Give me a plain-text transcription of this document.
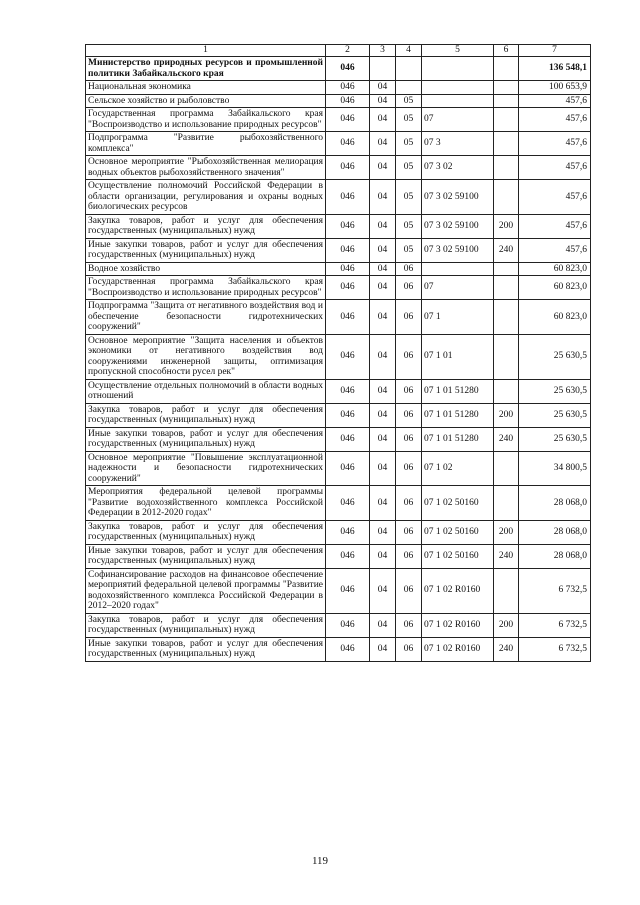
1	2	3	4	5	6	7
Министерство природных ресурсов и промышленной политики Забайкальского края	046					136 548,1
Национальная экономика	046	04				100 653,9
Сельское хозяйство и рыболовство	046	04	05			457,6
Государственная программа Забайкальского края "Воспроизводство и использование природных ресурсов"	046	04	05	07		457,6
Подпрограмма "Развитие рыбохозяйственного комплекса"	046	04	05	07 3		457,6
Основное мероприятие "Рыбохозяйственная мелиорация водных объектов рыбохозяйственного значения"	046	04	05	07 3 02		457,6
Осуществление полномочий Российской Федерации в области организации, регулирования и охраны водных биологических ресурсов	046	04	05	07 3 02 59100		457,6
Закупка товаров, работ и услуг для обеспечения государственных (муниципальных) нужд	046	04	05	07 3 02 59100	200	457,6
Иные закупки товаров, работ и услуг для обеспечения государственных (муниципальных) нужд	046	04	05	07 3 02 59100	240	457,6
Водное хозяйство	046	04	06			60 823,0
Государственная программа Забайкальского края "Воспроизводство и использование природных ресурсов"	046	04	06	07		60 823,0
Подпрограмма "Защита от негативного воздействия вод и обеспечение безопасности гидротехнических сооружений"	046	04	06	07 1		60 823,0
Основное мероприятие "Защита населения и объектов экономики от негативного воздействия вод сооружениями инженерной защиты, оптимизация пропускной способности русел рек"	046	04	06	07 1 01		25 630,5
Осуществление отдельных полномочий в области водных отношений	046	04	06	07 1 01 51280		25 630,5
Закупка товаров, работ и услуг для обеспечения государственных (муниципальных) нужд	046	04	06	07 1 01 51280	200	25 630,5
Иные закупки товаров, работ и услуг для обеспечения государственных (муниципальных) нужд	046	04	06	07 1 01 51280	240	25 630,5
Основное мероприятие "Повышение эксплуатационной надежности и безопасности гидротехнических сооружений"	046	04	06	07 1 02		34 800,5
Мероприятия федеральной целевой программы "Развитие водохозяйственного комплекса Российской Федерации в 2012-2020 годах"	046	04	06	07 1 02 50160		28 068,0
Закупка товаров, работ и услуг для обеспечения государственных (муниципальных) нужд	046	04	06	07 1 02 50160	200	28 068,0
Иные закупки товаров, работ и услуг для обеспечения государственных (муниципальных) нужд	046	04	06	07 1 02 50160	240	28 068,0
Софинансирование расходов на финансовое обеспечение мероприятий федеральной целевой программы "Развитие водохозяйственного комплекса Российской Федерации в 2012–2020 годах"	046	04	06	07 1 02 R0160		6 732,5
Закупка товаров, работ и услуг для обеспечения государственных (муниципальных) нужд	046	04	06	07 1 02 R0160	200	6 732,5
Иные закупки товаров, работ и услуг для обеспечения государственных (муниципальных) нужд	046	04	06	07 1 02 R0160	240	6 732,5
119
